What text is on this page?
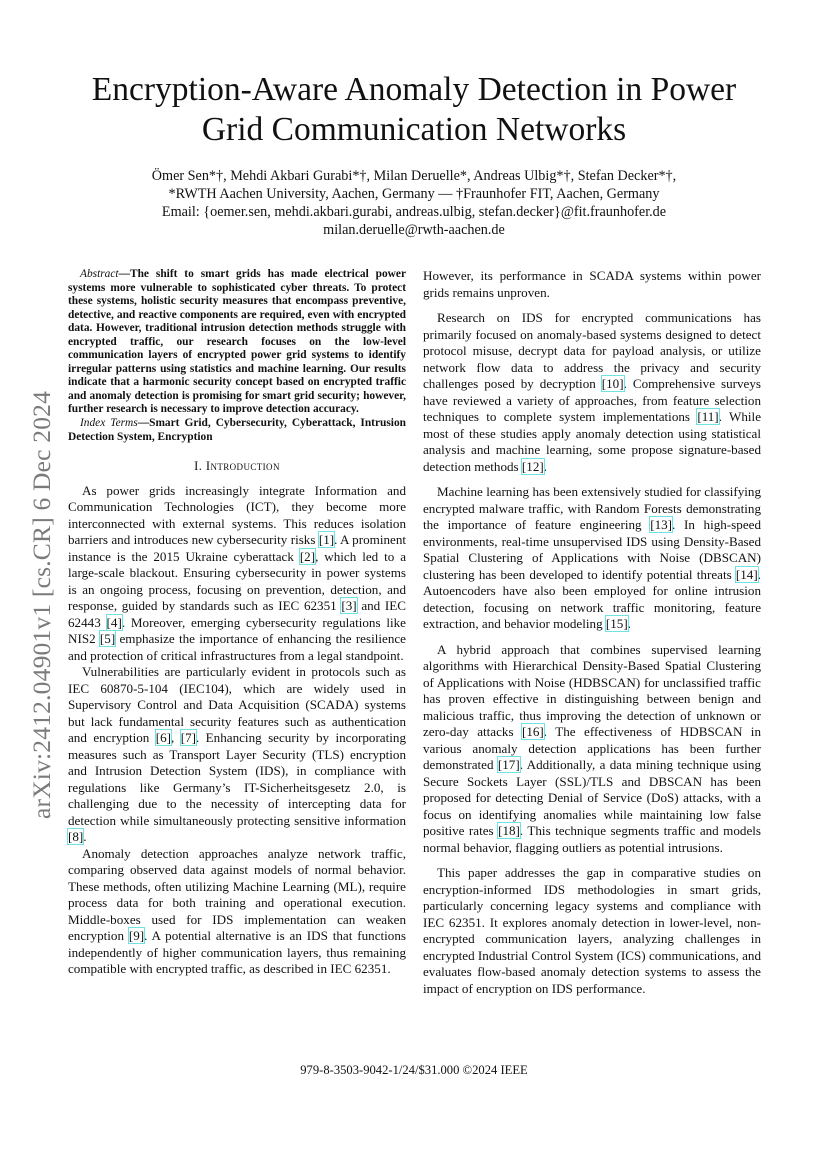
arXiv:2412.04901v1 [cs.CR] 6 Dec 2024
Encryption-Aware Anomaly Detection in Power
Grid Communication Networks
Ömer Sen*†, Mehdi Akbari Gurabi*†, Milan Deruelle*, Andreas Ulbig*†, Stefan Decker*†,
*RWTH Aachen University, Aachen, Germany — †Fraunhofer FIT, Aachen, Germany
Email: {oemer.sen, mehdi.akbari.gurabi, andreas.ulbig, stefan.decker}@fit.fraunhofer.de
milan.deruelle@rwth-aachen.de

Abstract—The shift to smart grids has made electrical power systems more vulnerable to sophisticated cyber threats. To protect these systems, holistic security measures that encompass preventive, detective, and reactive components are required, even with encrypted data. However, traditional intrusion detection methods struggle with encrypted traffic, our research focuses on the low-level communication layers of encrypted power grid systems to identify irregular patterns using statistics and machine learning. Our results indicate that a harmonic security concept based on encrypted traffic and anomaly detection is promising for smart grid security; however, further research is necessary to improve detection accuracy.

Index Terms—Smart Grid, Cybersecurity, Cyberattack, Intrusion Detection System, Encryption

I. Introduction

As power grids increasingly integrate Information and Communication Technologies (ICT), they become more interconnected with external systems. This reduces isolation barriers and introduces new cybersecurity risks [1]. A prominent instance is the 2015 Ukraine cyberattack [2], which led to a large-scale blackout. Ensuring cybersecurity in power systems is an ongoing process, focusing on prevention, detection, and response, guided by standards such as IEC 62351 [3] and IEC 62443 [4]. Moreover, emerging cybersecurity regulations like NIS2 [5] emphasize the importance of enhancing the resilience and protection of critical infrastructures from a legal standpoint.

Vulnerabilities are particularly evident in protocols such as IEC 60870-5-104 (IEC104), which are widely used in Supervisory Control and Data Acquisition (SCADA) systems but lack fundamental security features such as authentication and encryption [6], [7]. Enhancing security by incorporating measures such as Transport Layer Security (TLS) encryption and Intrusion Detection System (IDS), in compliance with regulations like Germany’s IT-Sicherheitsgesetz 2.0, is challenging due to the necessity of intercepting data for detection while simultaneously protecting sensitive information [8].

Anomaly detection approaches analyze network traffic, comparing observed data against models of normal behavior. These methods, often utilizing Machine Learning (ML), require process data for both training and operational execution. Middle-boxes used for IDS implementation can weaken encryption [9]. A potential alternative is an IDS that functions independently of higher communication layers, thus remaining compatible with encrypted traffic, as described in IEC 62351.

However, its performance in SCADA systems within power grids remains unproven.

Research on IDS for encrypted communications has primarily focused on anomaly-based systems designed to detect protocol misuse, decrypt data for payload analysis, or utilize network flow data to address the privacy and security challenges posed by decryption [10]. Comprehensive surveys have reviewed a variety of approaches, from feature selection techniques to complete system implementations [11]. While most of these studies apply anomaly detection using statistical analysis and machine learning, some propose signature-based detection methods [12].

Machine learning has been extensively studied for classifying encrypted malware traffic, with Random Forests demonstrating the importance of feature engineering [13]. In high-speed environments, real-time unsupervised IDS using Density-Based Spatial Clustering of Applications with Noise (DBSCAN) clustering has been developed to identify potential threats [14]. Autoencoders have also been employed for online intrusion detection, focusing on network traffic monitoring, feature extraction, and behavior modeling [15].

A hybrid approach that combines supervised learning algorithms with Hierarchical Density-Based Spatial Clustering of Applications with Noise (HDBSCAN) for unclassified traffic has proven effective in distinguishing between benign and malicious traffic, thus improving the detection of unknown or zero-day attacks [16]. The effectiveness of HDBSCAN in various anomaly detection applications has been further demonstrated [17]. Additionally, a data mining technique using Secure Sockets Layer (SSL)/TLS and DBSCAN has been proposed for detecting Denial of Service (DoS) attacks, with a focus on identifying anomalies while maintaining low false positive rates [18]. This technique segments traffic and models normal behavior, flagging outliers as potential intrusions.

This paper addresses the gap in comparative studies on encryption-informed IDS methodologies in smart grids, particularly concerning legacy systems and compliance with IEC 62351. It explores anomaly detection in lower-level, non-encrypted communication layers, analyzing challenges in encrypted Industrial Control System (ICS) communications, and evaluates flow-based anomaly detection systems to assess the impact of encryption on IDS performance.

979-8-3503-9042-1/24/$31.000 ©2024 IEEE
